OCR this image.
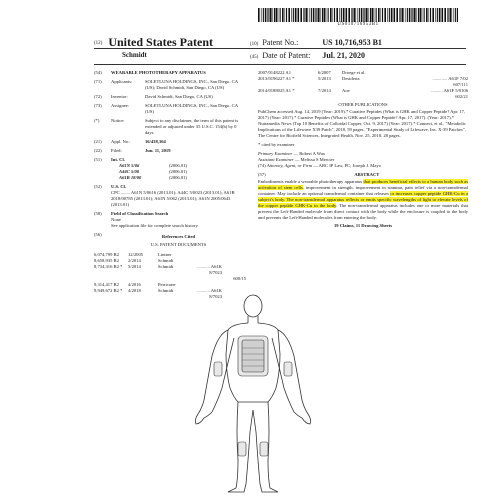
US010716953B1
(12) United States Patent
Schmidt
(10) Patent No.:	US 10,716,953 B1
(45) Date of Patent: Jul. 21, 2020
(54)	WEARABLE PHOTOTHERAPY APPARATUS
(71)	Applicants:	SOLETLUNA HOLDINGS, INC., San Diego, CA (US); David Schmidt, San Diego, CA (US)
(72)	Inventor:	David Schmidt, San Diego, CA (US)
(73)	Assignee:	SOLETLUNA HOLDINGS, INC., San Diego, CA (US)
(*)	Notice:	Subject to any disclaimer, the term of this patent is extended or adjusted under 35 U.S.C. 154(b) by 0 days.
(21)	Appl. No.:	16/438,364
(22)	Filed:	Jun. 11, 2019
(51)	Int. Cl.
A61N 5/06	(2006.01)
A44C 5/00	(2006.01)
A61B 18/00	(2006.01)
(52)	U.S. Cl.
CPC ........ A61N 5/0616 (2013.01); A44C 5/0023 (2013.01); A61B 2018/00785 (2013.01); A61N 5/062 (2013.01); A61N 2005/0643 (2013.01)
(58)	Field of Classification Search
None
See application file for complete search history.
(56)	References Cited
U.S. PATENT DOCUMENTS
6,074,799 B2	12/2005	Lintner
8,658,935 B2	2/2014	Schmidt
8,734,316 B2 *	5/2014	Schmidt	........... A61K 8/7023
600/15
9,314,417 B2	4/2016	Perricone
9,949,672 B2 *	4/2018	Schmidt	........... A61K 8/7023
2007/0148222 A1	6/2007	Droege et al.
2013/0196227 A1 *	5/2013	Desideria	............. A61F 7/02
607/111
2014/0188025 A1 *	7/2014	Aoe	.......... A61F 5/0106
602/21
OTHER PUBLICATIONS
PubChem accessed Aug. 14, 2019 (Year: 2019).* Curative Peptides (What is GHK and Copper Peptide? Apr. 17, 2017) (Year: 2017).* Curative Peptides (What is GHK and Copper Peptide? Apr. 17, 2017). (Year: 2017).* Nutramedix News (Top 10 Benefits of Colloidal Copper, Oct. 9, 2017) (Year: 2017).* Connect, et al., "Metabolic Implications of the Lifewave X39 Patch", 2018, 59 pages. "Experimental Study of Lifewave, Inc. X-39 Patches", The Centre for Biofield Sciences, Integrated Health, Nov. 25, 2018, 28 pages.
* cited by examiner
Primary Examiner — Robert A Wax
Assistant Examiner — Melissa S Mercier
(74) Attorney, Agent, or Firm — ARC IP Law, PC; Joseph J. Mayo
(57)	ABSTRACT
Embodiments enable a wearable phototherapy apparatus that produces beneficial effects to a human body such as activation of stem cells, improvement in strength, improvement in stamina, pain relief via a non-transdermal container. May include an optional transdermal container that releases or increases copper peptide GHK-Cu in a subject's body. The non-transdermal apparatus reflects or emits specific wavelengths of light to elevate levels of the copper peptide GHK-Cu in the body. The non-transdermal apparatus includes one or more materials that prevent the Left-Handed molecule from direct contact with the body while the enclosure is coupled to the body and prevents the Left-Handed molecules from entering the body.
19 Claims, 11 Drawing Sheets
